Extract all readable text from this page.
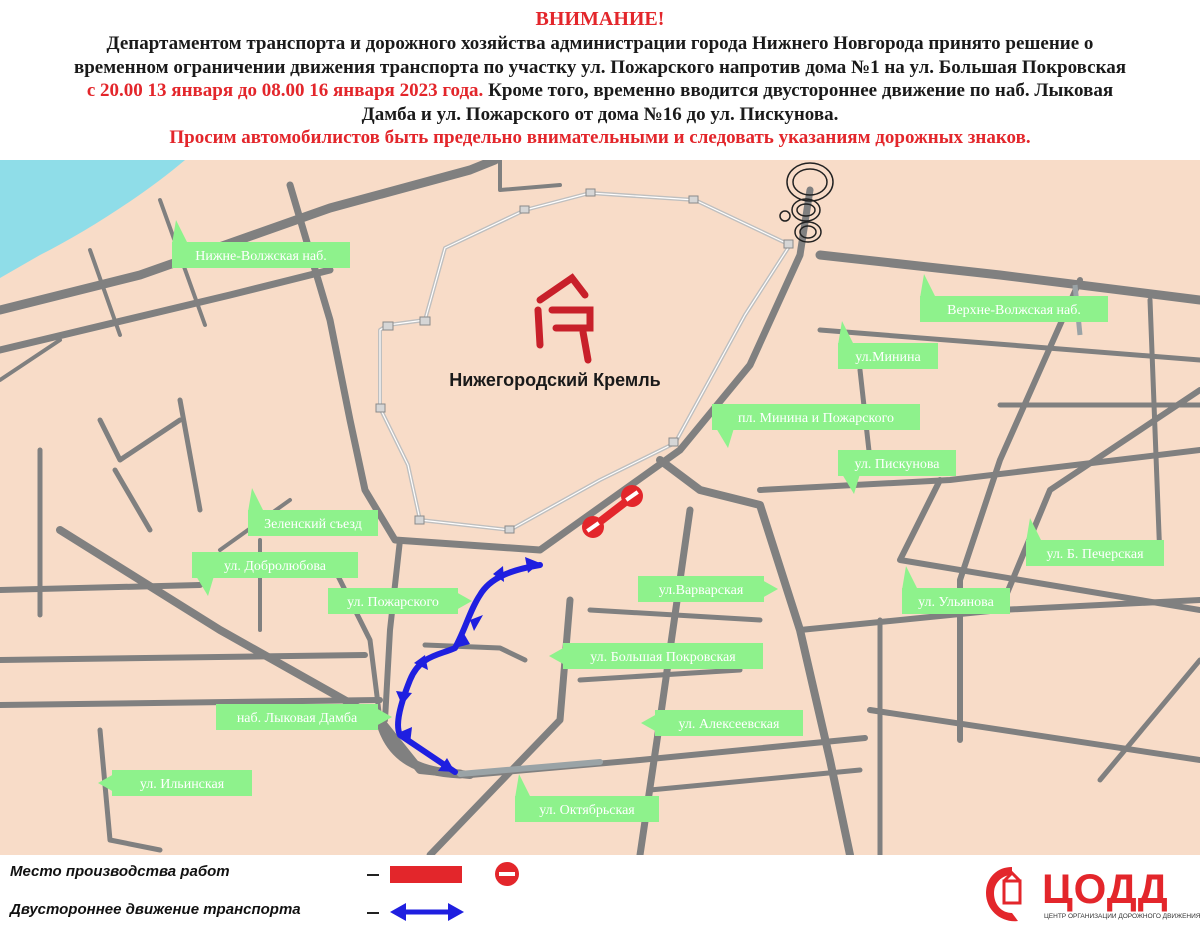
ВНИМАНИЕ!
Департаментом транспорта и дорожного хозяйства администрации города Нижнего Новгорода принято решение о
временном ограничении движения транспорта по участку ул. Пожарского напротив дома №1 на ул. Большая Покровская
с 20.00 13 января до 08.00 16 января 2023 года. Кроме того, временно вводится двустороннее движение по наб. Лыковая
Дамба и ул. Пожарского от дома №16 до ул. Пискунова.
Просим автомобилистов быть предельно внимательными и следовать указаниям дорожных знаков.
Нижегородский Кремль
Нижне-Волжская наб.
Верхне-Волжская наб.
ул.Минина
пл. Минина и Пожарского
ул. Пискунова
Зеленский съезд
ул. Б. Печерская
ул. Добролюбова
ул. Ульянова
ул. Пожарского
ул.Варварская
ул. Большая Покровская
наб. Лыковая Дамба	ул. Алексеевская
ул. Ильинская
ул. Октябрьская
Место производства работ
Двустороннее движение транспорта	ЦОДД
ЦЕНТР ОРГАНИЗАЦИИ ДОРОЖНОГО ДВИЖЕНИЯ
